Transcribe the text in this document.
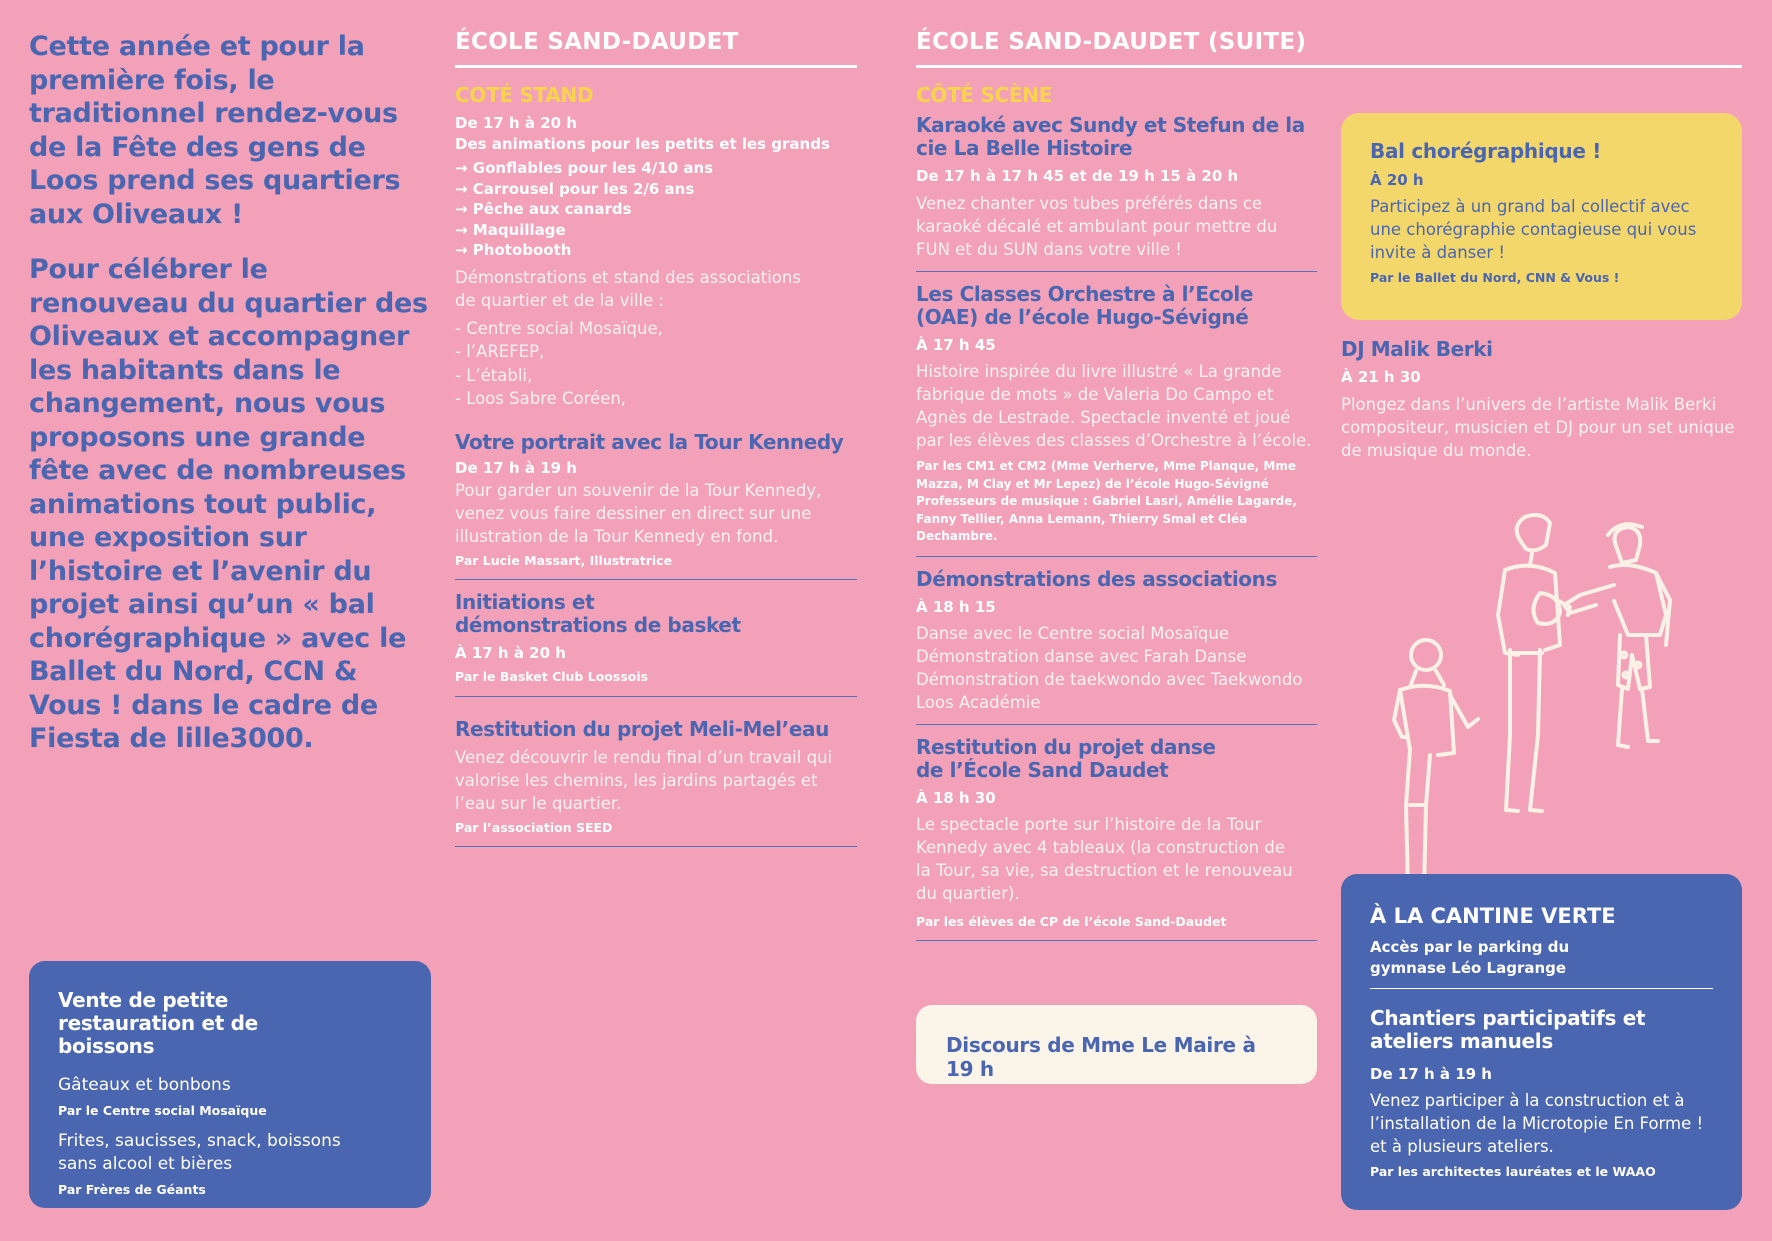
Cette année et pour la première fois, le traditionnel rendez-vous de la Fête des gens de Loos prend ses quartiers aux Oliveaux !

Pour célébrer le renouveau du quartier des Oliveaux et accompagner les habitants dans le changement, nous vous proposons une grande fête avec de nombreuses animations tout public, une exposition sur l’histoire et l’avenir du projet ainsi qu’un « bal chorégraphique » avec le Ballet du Nord, CCN & Vous ! dans le cadre de Fiesta de lille3000.

Vente de petite restauration et de boissons
Gâteaux et bonbons
Par le Centre social Mosaïque
Frites, saucisses, snack, boissons sans alcool et bières
Par Frères de Géants
ÉCOLE SAND-DAUDET
COTÉ STAND
De 17 h à 20 h
Des animations pour les petits et les grands
→ Gonflables pour les 4/10 ans
→ Carrousel pour les 2/6 ans
→ Pêche aux canards
→ Maquillage
→ Photobooth
Démonstrations et stand des associations de quartier et de la ville :
- Centre social Mosaïque,
- l’AREFEP,
- L’établi,
- Loos Sabre Coréen,
Votre portrait avec la Tour Kennedy
De 17 h à 19 h
Pour garder un souvenir de la Tour Kennedy, venez vous faire dessiner en direct sur une illustration de la Tour Kennedy en fond.
Par Lucie Massart, Illustratrice
Initiations et démonstrations de basket
À 17 h à 20 h
Par le Basket Club Loossois
Restitution du projet Meli-Mel’eau
Venez découvrir le rendu final d’un travail qui valorise les chemins, les jardins partagés et l’eau sur le quartier.
Par l’association SEED
ÉCOLE SAND-DAUDET (SUITE)
CÔTÉ SCÈNE
Karaoké avec Sundy et Stefun de la cie La Belle Histoire
De 17 h à 17 h 45 et de 19 h 15 à 20 h
Venez chanter vos tubes préférés dans ce karaoké décalé et ambulant pour mettre du FUN et du SUN dans votre ville !
Les Classes Orchestre à l’Ecole (OAE) de l’école Hugo-Sévigné
À 17 h 45
Histoire inspirée du livre illustré « La grande fabrique de mots » de Valeria Do Campo et Agnès de Lestrade. Spectacle inventé et joué par les élèves des classes d’Orchestre à l’école.
Par les CM1 et CM2 (Mme Verherve, Mme Planque, Mme Mazza, M Clay et Mr Lepez) de l’école Hugo-Sévigné Professeurs de musique : Gabriel Lasri, Amélie Lagarde, Fanny Tellier, Anna Lemann, Thierry Smal et Cléa Dechambre.
Démonstrations des associations
À 18 h 15
Danse avec le Centre social Mosaïque Démonstration danse avec Farah Danse Démonstration de taekwondo avec Taekwondo Loos Académie
Restitution du projet danse de l’École Sand Daudet
À 18 h 30
Le spectacle porte sur l’histoire de la Tour Kennedy avec 4 tableaux (la construction de la Tour, sa vie, sa destruction et le renouveau du quartier).
Par les élèves de CP de l’école Sand-Daudet
Discours de Mme Le Maire à 19 h
Bal chorégraphique !
À 20 h
Participez à un grand bal collectif avec une chorégraphie contagieuse qui vous invite à danser !
Par le Ballet du Nord, CNN & Vous !
DJ Malik Berki
À 21 h 30
Plongez dans l’univers de l’artiste Malik Berki compositeur, musicien et DJ pour un set unique de musique du monde.
À LA CANTINE VERTE
Accès par le parking du gymnase Léo Lagrange
Chantiers participatifs et ateliers manuels
De 17 h à 19 h
Venez participer à la construction et à l’installation de la Microtopie En Forme ! et à plusieurs ateliers.
Par les architectes lauréates et le WAAO
